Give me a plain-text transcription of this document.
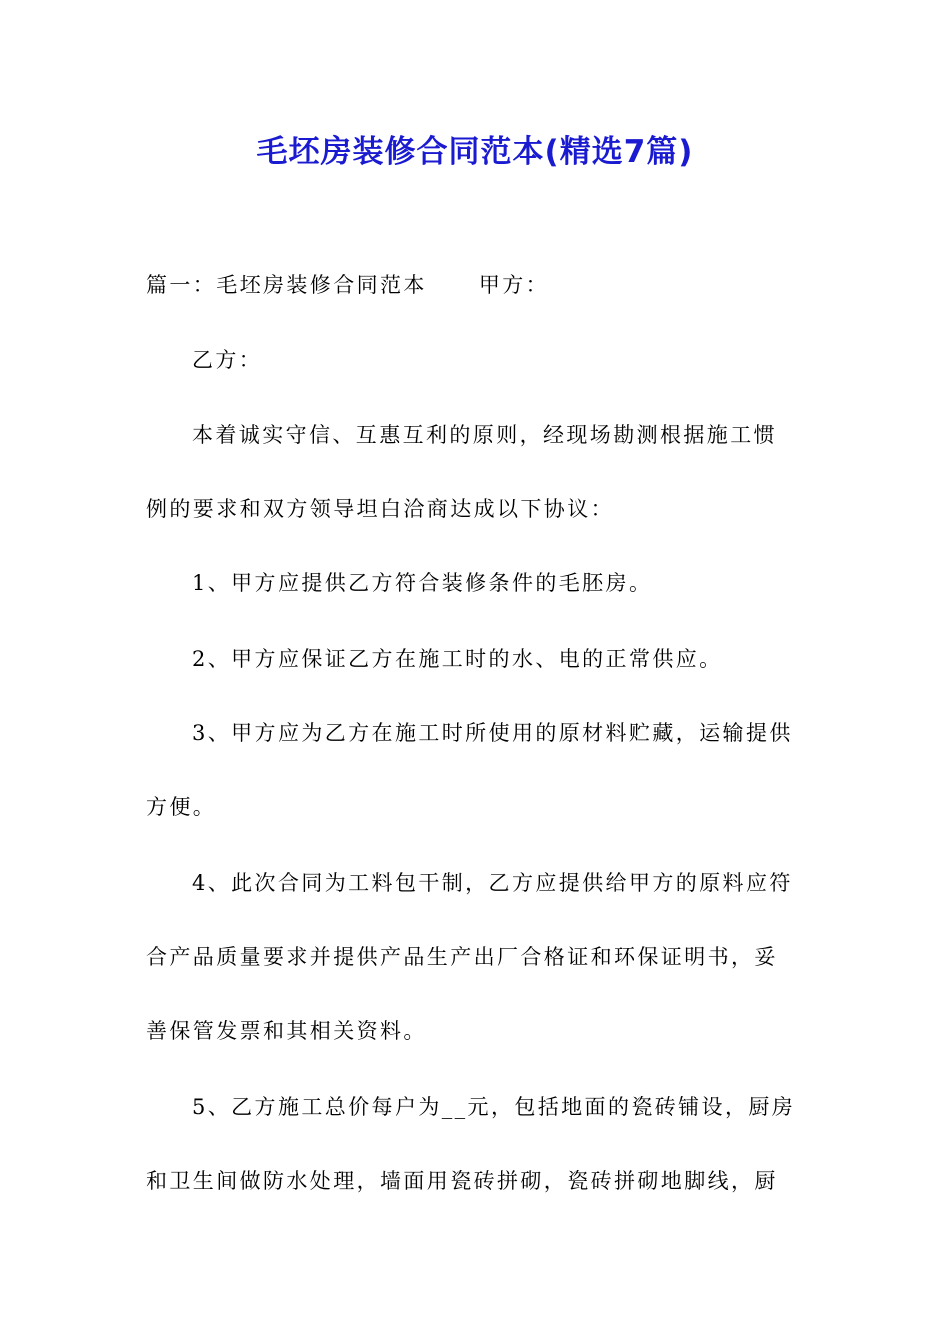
毛坯房装修合同范本(精选7篇)
篇一：毛坯房装修合同范本 甲方：
乙方：
本着诚实守信、互惠互利的原则，经现场勘测根据施工惯
例的要求和双方领导坦白洽商达成以下协议：
1、甲方应提供乙方符合装修条件的毛胚房。
2、甲方应保证乙方在施工时的水、电的正常供应。
3、甲方应为乙方在施工时所使用的原材料贮藏，运输提供
方便。
4、此次合同为工料包干制，乙方应提供给甲方的原料应符
合产品质量要求并提供产品生产出厂合格证和环保证明书，妥
善保管发票和其相关资料。
5、乙方施工总价每户为__元，包括地面的瓷砖铺设，厨房
和卫生间做防水处理，墙面用瓷砖拼砌，瓷砖拼砌地脚线，厨
